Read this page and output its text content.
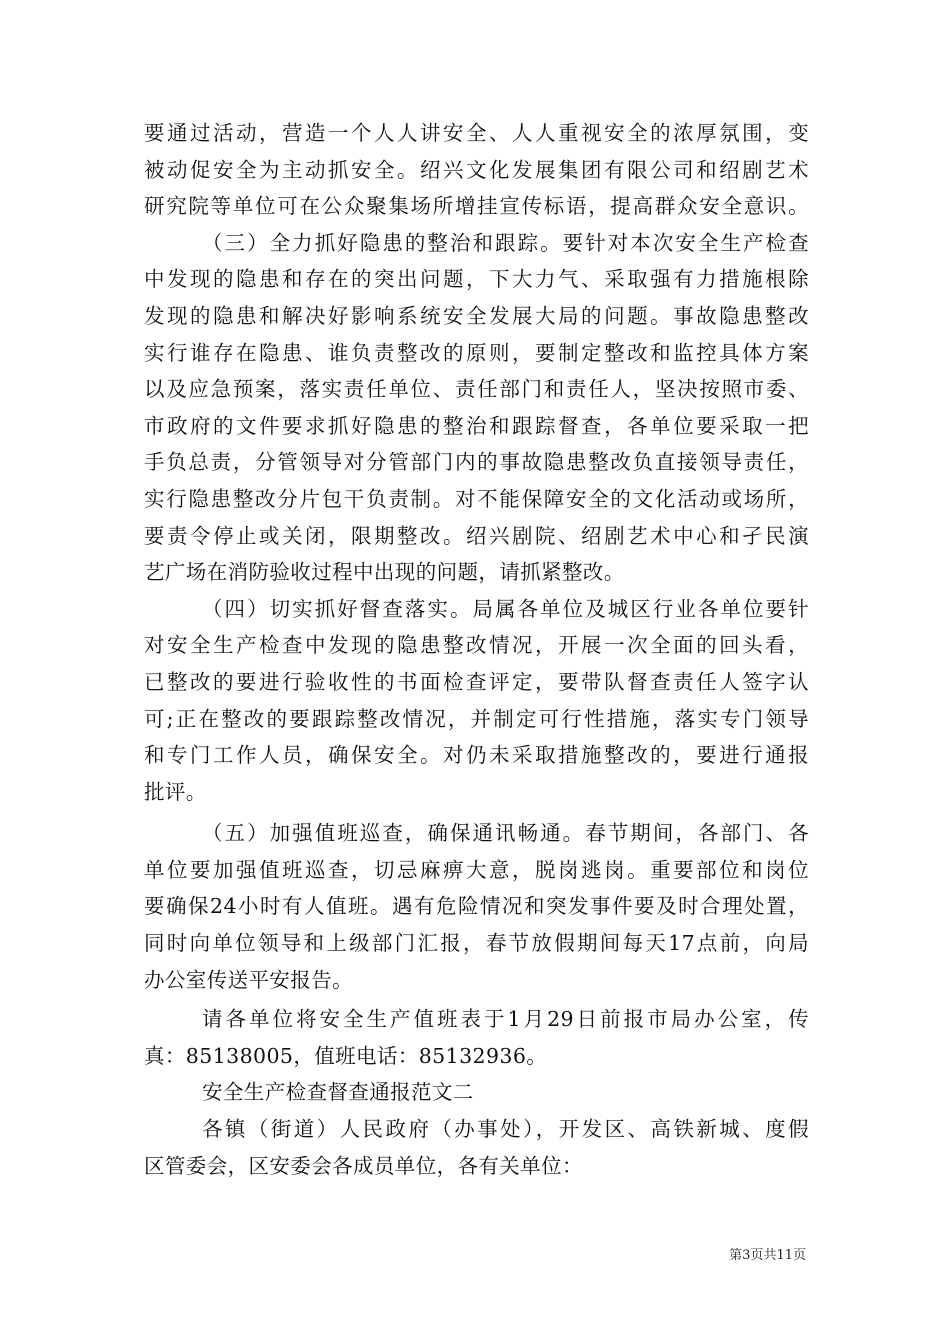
要通过活动，营造一个人人讲安全、人人重视安全的浓厚氛围，变
被动促安全为主动抓安全。绍兴文化发展集团有限公司和绍剧艺术
研究院等单位可在公众聚集场所增挂宣传标语，提高群众安全意识。
（三）全力抓好隐患的整治和跟踪。要针对本次安全生产检查
中发现的隐患和存在的突出问题，下大力气、采取强有力措施根除
发现的隐患和解决好影响系统安全发展大局的问题。事故隐患整改
实行谁存在隐患、谁负责整改的原则，要制定整改和监控具体方案
以及应急预案，落实责任单位、责任部门和责任人，坚决按照市委、
市政府的文件要求抓好隐患的整治和跟踪督查，各单位要采取一把
手负总责，分管领导对分管部门内的事故隐患整改负直接领导责任，
实行隐患整改分片包干负责制。对不能保障安全的文化活动或场所，
要责令停止或关闭，限期整改。绍兴剧院、绍剧艺术中心和孑民演
艺广场在消防验收过程中出现的问题，请抓紧整改。
（四）切实抓好督查落实。局属各单位及城区行业各单位要针
对安全生产检查中发现的隐患整改情况，开展一次全面的回头看，
已整改的要进行验收性的书面检查评定，要带队督查责任人签字认
可;正在整改的要跟踪整改情况，并制定可行性措施，落实专门领导
和专门工作人员，确保安全。对仍未采取措施整改的，要进行通报
批评。
（五）加强值班巡查，确保通讯畅通。春节期间，各部门、各
单位要加强值班巡查，切忌麻痹大意，脱岗逃岗。重要部位和岗位
要确保24小时有人值班。遇有危险情况和突发事件要及时合理处置，
同时向单位领导和上级部门汇报，春节放假期间每天17点前，向局
办公室传送平安报告。
请各单位将安全生产值班表于1月29日前报市局办公室，传
真：85138005，值班电话：85132936。
安全生产检查督查通报范文二
各镇（街道）人民政府（办事处），开发区、高铁新城、度假
区管委会，区安委会各成员单位，各有关单位：
第3页共11页
